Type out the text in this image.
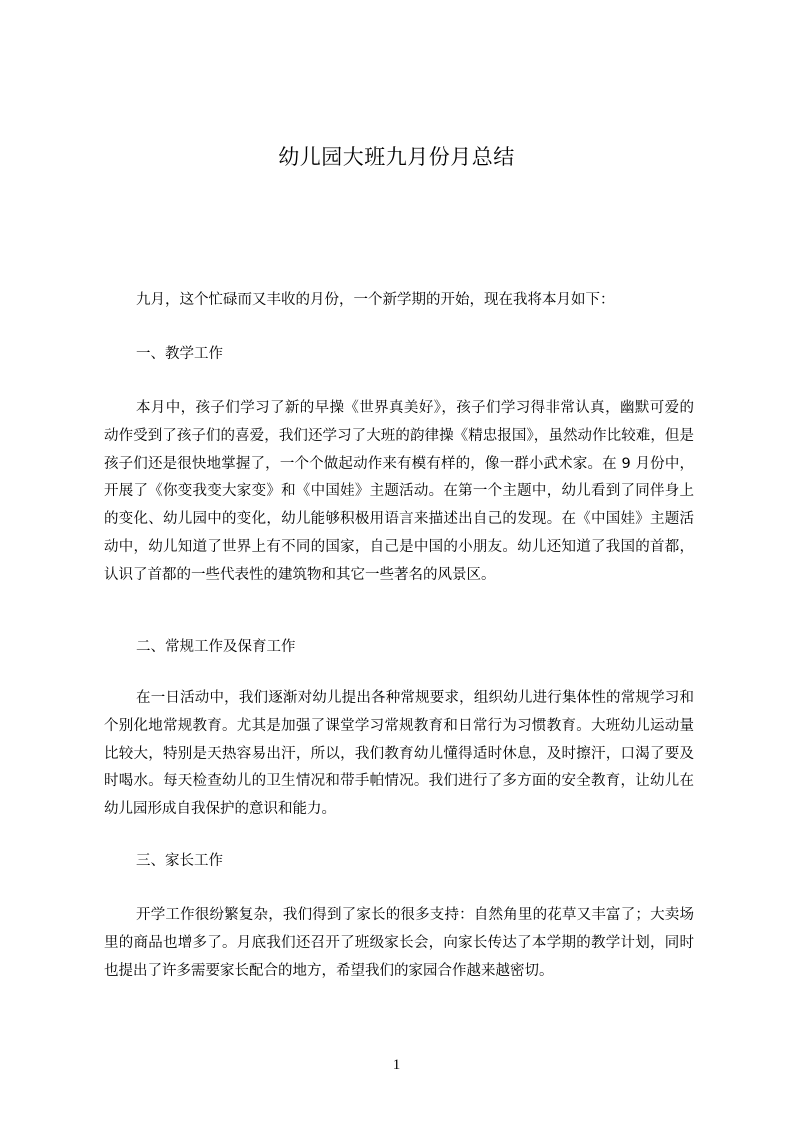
幼儿园大班九月份月总结

九月，这个忙碌而又丰收的月份，一个新学期的开始，现在我将本月如下：

一、教学工作

本月中，孩子们学习了新的早操《世界真美好》，孩子们学习得非常认真，幽默可爱的动作受到了孩子们的喜爱，我们还学习了大班的韵律操《精忠报国》，虽然动作比较难，但是孩子们还是很快地掌握了，一个个做起动作来有模有样的，像一群小武术家。在 9 月份中，开展了《你变我变大家变》和《中国娃》主题活动。在第一个主题中，幼儿看到了同伴身上的变化、幼儿园中的变化，幼儿能够积极用语言来描述出自己的发现。在《中国娃》主题活动中，幼儿知道了世界上有不同的国家，自己是中国的小朋友。幼儿还知道了我国的首都，认识了首都的一些代表性的建筑物和其它一些著名的风景区。

二、常规工作及保育工作

在一日活动中，我们逐渐对幼儿提出各种常规要求，组织幼儿进行集体性的常规学习和个别化地常规教育。尤其是加强了课堂学习常规教育和日常行为习惯教育。大班幼儿运动量比较大，特别是天热容易出汗，所以，我们教育幼儿懂得适时休息，及时擦汗，口渴了要及时喝水。每天检查幼儿的卫生情况和带手帕情况。我们进行了多方面的安全教育，让幼儿在幼儿园形成自我保护的意识和能力。

三、家长工作

开学工作很纷繁复杂，我们得到了家长的很多支持：自然角里的花草又丰富了；大卖场里的商品也增多了。月底我们还召开了班级家长会，向家长传达了本学期的教学计划，同时也提出了许多需要家长配合的地方，希望我们的家园合作越来越密切。

1
